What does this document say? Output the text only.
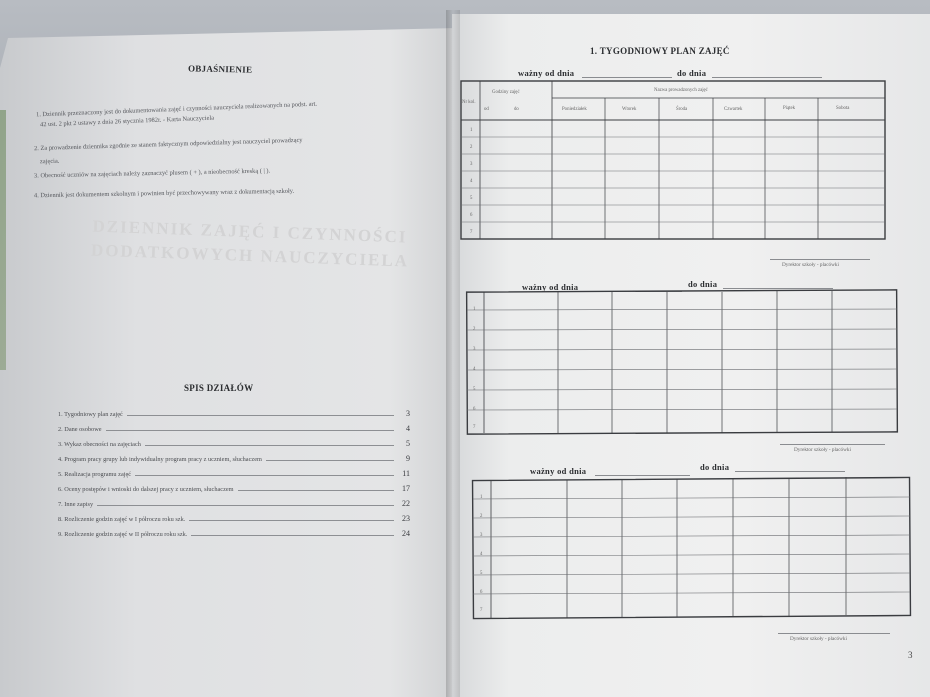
OBJAŚNIENIE
1. Dziennik przeznaczony jest do dokumentowania zajęć i czynności nauczyciela realizowanych na podst. art.
42 ust. 2 pkt 2 ustawy z dnia 26 stycznia 1982r. - Karta Nauczyciela
2. Za prowadzenie dziennika zgodnie ze stanem faktycznym odpowiedzialny jest nauczyciel prowadzący
zajęcia.
3. Obecność uczniów na zajęciach należy zaznaczyć plusem ( + ), a nieobecność kreską ( | ).
4. Dziennik jest dokumentem szkolnym i powinien być przechowywany wraz z dokumentacją szkoły.
DZIENNIK ZAJĘĆ I CZYNNOŚCI
DODATKOWYCH NAUCZYCIELA
SPIS DZIAŁÓW
1. Tygodniowy plan zajęć	3
2. Dane osobowe	4
3. Wykaz obecności na zajęciach	5
4. Program pracy grupy lub indywidualny program pracy z uczniem, słuchaczem	9
5. Realizacja programu zajęć	11
6. Oceny postępów i wnioski do dalszej pracy z uczniem, słuchaczem	17
7. Inne zapisy	22
8. Rozliczenie godzin zajęć w I półroczu roku szk.	23
9. Rozliczenie godzin zajęć w II półroczu roku szk.	24
1. TYGODNIOWY PLAN ZAJĘĆ
ważny od dnia	do dnia
Nr kol.
Godziny zajęć
od	do
Nazwa prowadzonych zajęć
Poniedziałek	Wtorek	Środa	Czwartek	Piątek	Sobota
1
2
3
4
5
6
7
Dyrektor szkoły - placówki
ważny od dnia	do dnia
1
2
3
4
5
6
7
Dyrektor szkoły - placówki
ważny od dnia	do dnia
1
2
3
4
5
6
7
Dyrektor szkoły - placówki
3
